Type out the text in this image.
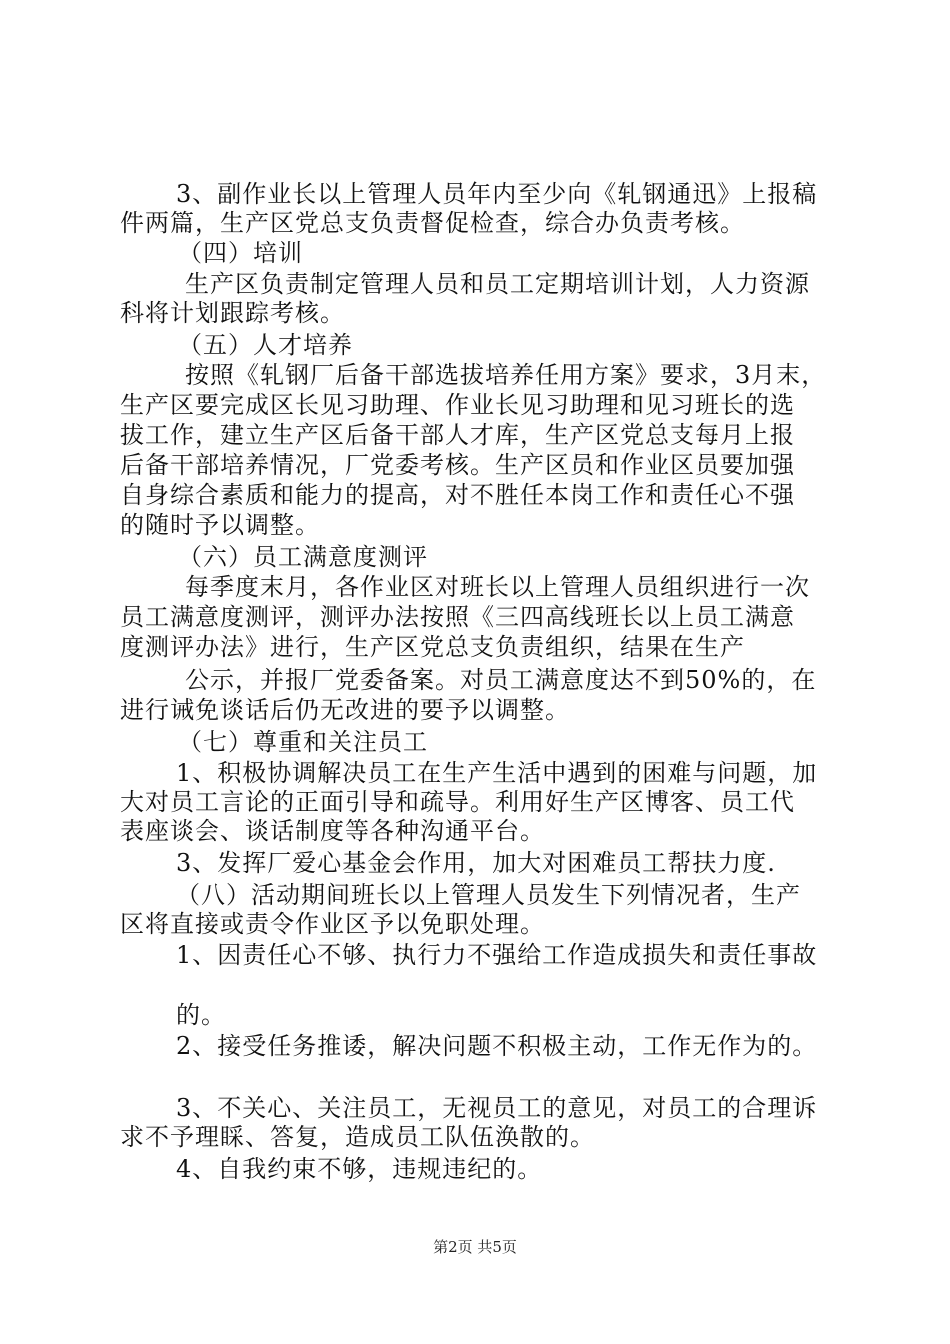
3、副作业长以上管理人员年内至少向《轧钢通迅》上报稿
件两篇，生产区党总支负责督促检查，综合办负责考核。
（四）培训
生产区负责制定管理人员和员工定期培训计划，人力资源
科将计划跟踪考核。
（五）人才培养
按照《轧钢厂后备干部选拔培养任用方案》要求，3月末，
生产区要完成区长见习助理、作业长见习助理和见习班长的选
拔工作，建立生产区后备干部人才库，生产区党总支每月上报
后备干部培养情况，厂党委考核。生产区员和作业区员要加强
自身综合素质和能力的提高，对不胜任本岗工作和责任心不强
的随时予以调整。
（六）员工满意度测评
每季度末月，各作业区对班长以上管理人员组织进行一次
员工满意度测评，测评办法按照《三四高线班长以上员工满意
度测评办法》进行，生产区党总支负责组织，结果在生产
公示，并报厂党委备案。对员工满意度达不到50%的，在
进行诫免谈话后仍无改进的要予以调整。
（七）尊重和关注员工
1、积极协调解决员工在生产生活中遇到的困难与问题，加
大对员工言论的正面引导和疏导。利用好生产区博客、员工代
表座谈会、谈话制度等各种沟通平台。
3、发挥厂爱心基金会作用，加大对困难员工帮扶力度.
（八）活动期间班长以上管理人员发生下列情况者，生产
区将直接或责令作业区予以免职处理。
1、因责任心不够、执行力不强给工作造成损失和责任事故
的。
2、接受任务推诿，解决问题不积极主动，工作无作为的。
3、不关心、关注员工，无视员工的意见，对员工的合理诉
求不予理睬、答复，造成员工队伍涣散的。
4、自我约束不够，违规违纪的。
第2页 共5页
